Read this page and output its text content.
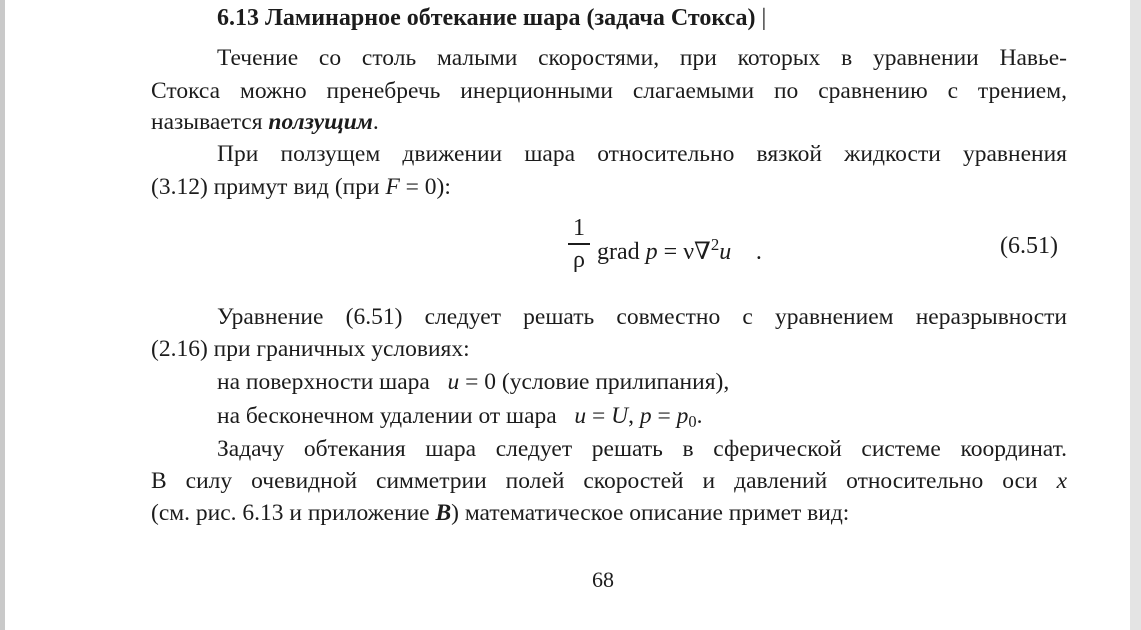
6.13 Ламинарное обтекание шара (задача Стокса) |
Течение со столь малыми скоростями, при которых в уравнении Навье-
Стокса можно пренебречь инерционными слагаемыми по сравнению с трением,
называется ползущим.
При ползущем движении шара относительно вязкой жидкости уравнения
(3.12) примут вид (при F = 0):
1
ρ grad p = ν∇$^2$u⃗ .	(6.51)
Уравнение (6.51) следует решать совместно с уравнением неразрывности
(2.16) при граничных условиях:
на поверхности шара u = 0 (условие прилипания),
на бесконечном удалении от шара u = U, $p = p_0$.
Задачу обтекания шара следует решать в сферической системе координат.
В силу очевидной симметрии полей скоростей и давлений относительно оси x
(см. рис. 6.13 и приложение B) математическое описание примет вид:
68
